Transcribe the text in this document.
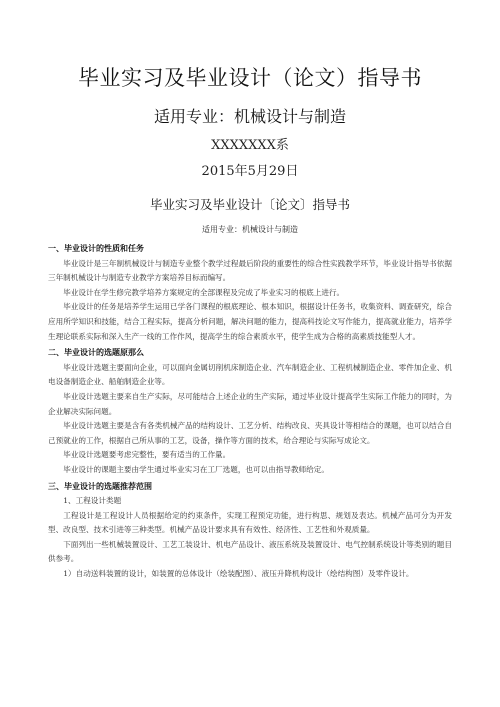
毕业实习及毕业设计（论文）指导书
适用专业：机械设计与制造
XXXXXXX系
2015年5月29日
毕业实习及毕业设计〔论文〕指导书
适用专业：机械设计与制造
一、毕业设计的性质和任务

毕业设计是三年制机械设计与制造专业整个教学过程最后阶段的重要性的综合性实践教学环节，毕业设计指导书依据三年制机械设计与制造专业教学方案培养目标而编写。

毕业设计在学生修完教学培养方案规定的全部课程及完成了毕业实习的根底上进行。

毕业设计的任务是培养学生运用已学各门课程的根底理论、根本知识，根据设计任务书，收集资料、调查研究，综合应用所学知识和技能，结合工程实际，提高分析问题，解决问题的能力，提高科技论文写作能力，提高就业能力，培养学生理论联系实际和深入生产一线的工作作风，提高学生的综合素质水平，使学生成为合格的高素质技能型人才。

二、毕业设计的选题原那么

毕业设计选题主要面向企业，可以面向金属切削机床制造企业、汽车制造企业、工程机械制造企业、零件加企业、机电设备制造企业、船舶制造企业等。

毕业设计选题主要来自生产实际，尽可能结合上述企业的生产实际，通过毕业设计提高学生实际工作能力的同时，为企业解决实际问题。

毕业设计选题主要是含有各类机械产品的结构设计、工艺分析、结构改良、夹具设计等相结合的课题，也可以结合自己预就业的工作，根据自己所从事的工艺，设备，操作等方面的技术，给合理论与实际写成论文。

毕业设计选题要考虑完整性，要有适当的工作量。

毕业设计的课题主要由学生通过毕业实习在工厂选题，也可以由指导教师给定。

三、毕业设计的选题推荐范围

1、工程设计类题

工程设计是工程设计人员根据给定的约束条件，实现工程预定功能，进行构思、规划及表达。机械产品可分为开发型、改良型、技术引进等三种类型。机械产品设计要求具有有效性、经济性、工艺性和外观质量。

下面列出一些机械装置设计、工艺工装设计、机电产品设计、液压系统及装置设计、电气控制系统设计等类别的题目供参考。

1）自动送料装置的设计，如装置的总体设计（绘装配图）、液压升降机构设计（绘结构图）及零件设计。
